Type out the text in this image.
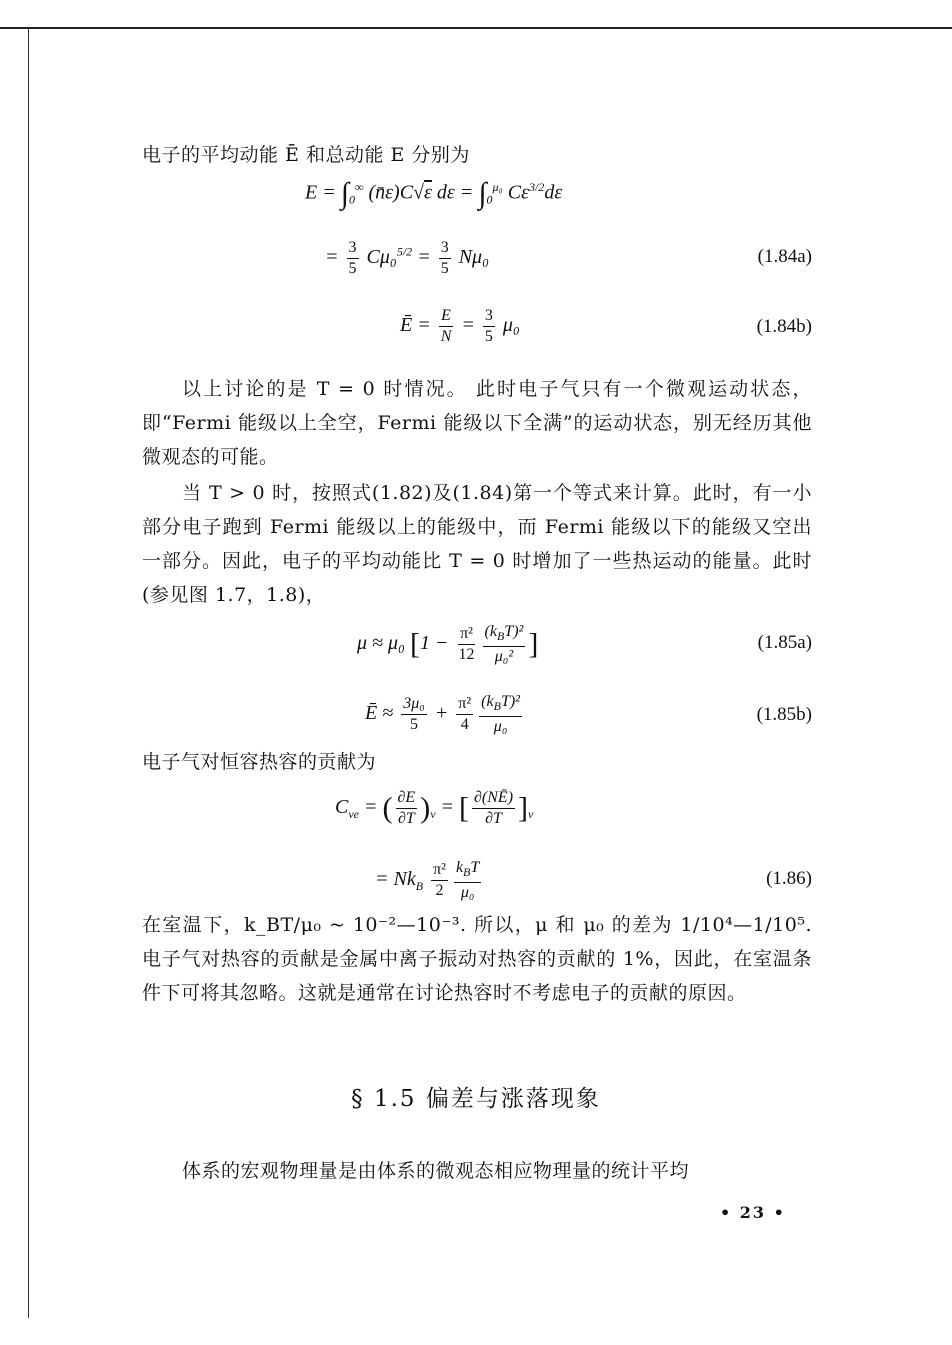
电子的平均动能 Ē 和总动能 E 分别为
$E = \int_0^\infty$ (n̄ε)C√ε $d\varepsilon = \int_0^{\mu_0}$ $C\varepsilon^{3/2}d\varepsilon$
= $\frac{3}{5} C\mu_0^{5/2} = \frac{3}{5} N\mu_0$	(1.84a)
Ē = $\frac{E}{N} = \frac{3}{5} \mu_0$	(1.84b)
以上讨论的是 T = 0 时情况。 此时电子气只有一个微观运动状态，即“Fermi 能级以上全空，Fermi 能级以下全满”的运动状态，别无经历其他微观态的可能。
当 T > 0 时，按照式(1.82)及(1.84)第一个等式来计算。此时，有一小部分电子跑到 Fermi 能级以上的能级中，而 Fermi 能级以下的能级又空出一部分。因此，电子的平均动能比 T = 0 时增加了一些热运动的能量。此时(参见图 1.7，1.8)，
μ ≈ μ₀ [$1 - \frac{\text{π²}}{12} \frac{(k_BT)^2}{\text{μ₀²}}$ ]	(1.85a)
Ē ≈ $\frac{\text{3μ₀}}{5} + \frac{\text{π²}}{4} \frac{(k_BT)^2}{\text{μ₀}}$	(1.85b)
电子气对恒容热容的贡献为
$C_{ve}$ = ( $\frac{\partial E}{\partial T} )_v$ = [ $\frac{\partial(NĒ)}{\partial T} ]_v$
= $Nk_B \frac{\text{π²}}{2} \frac{k_BT}{\text{μ₀}}$	(1.86)
在室温下，k_BT/μ₀ ~ 10⁻²—10⁻³. 所以，μ 和 μ₀ 的差为 1/10⁴—1/10⁵. 电子气对热容的贡献是金属中离子振动对热容的贡献的 1%，因此，在室温条件下可将其忽略。这就是通常在讨论热容时不考虑电子的贡献的原因。
§ 1.5 偏差与涨落现象
体系的宏观物理量是由体系的微观态相应物理量的统计平均
• 23 •
